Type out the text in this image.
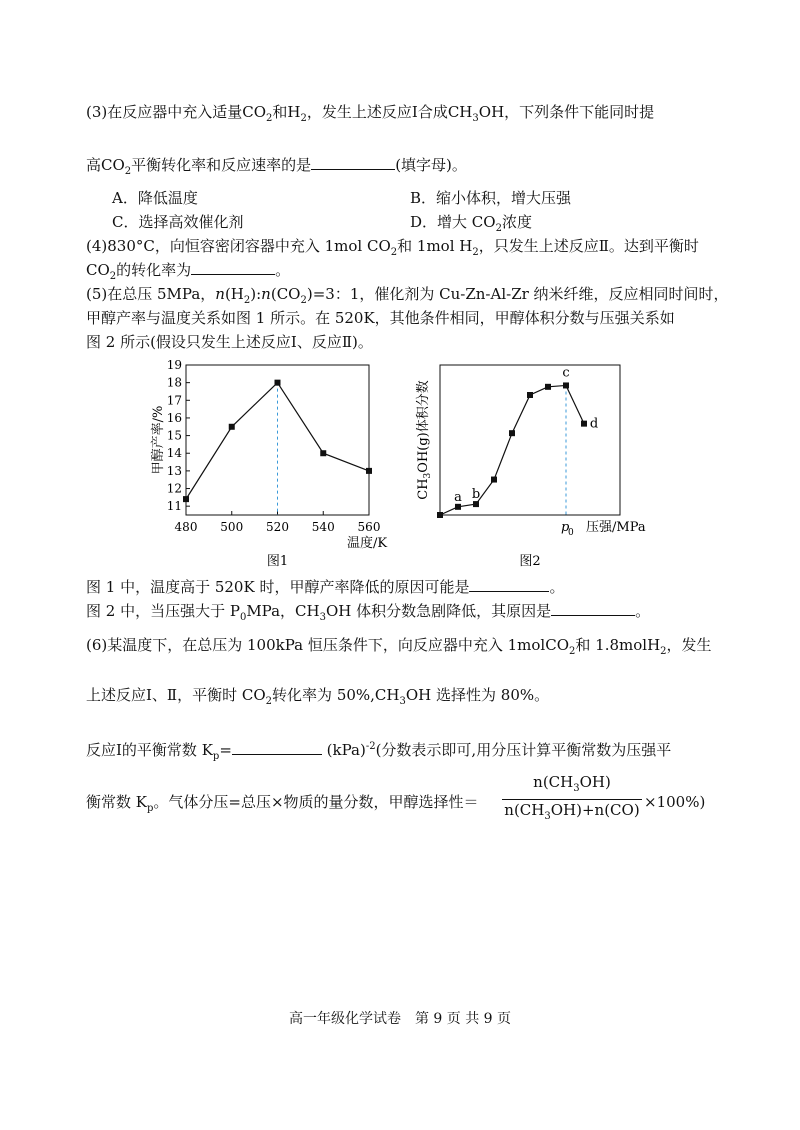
(3)在反应器中充入适量$CO_2$和$H_2$，发生上述反应Ⅰ合成$CH_3OH$，下列条件下能同时提
高$CO_2$平衡转化率和反应速率的是	(填字母)。
A．降低温度	B．缩小体积，增大压强
C．选择高效催化剂	D．增大 $CO_2$浓度
(4)830°C，向恒容密闭容器中充入 1mol $CO_2$和 1mol $H_2$，只发生上述反应Ⅱ。达到平衡时
$CO_2$的转化率为	。
(5)在总压 5MPa，$n(H_2):n(CO_2)=3$：1，催化剂为 Cu-Zn-Al-Zr 纳米纤维，反应相同时间时，
甲醇产率与温度关系如图 1 所示。在 520K，其他条件相同，甲醇体积分数与压强关系如
图 2 所示(假设只发生上述反应Ⅰ、反应Ⅱ)。
480 500 520 540 560
11
12
13
14
15
16
17
18
19
甲醇产率/%
温度/K
图1
a b
c
d
p
0 压强/MPa
$CH_3OH(g)$体积分数
图2
图 1 中，温度高于 520K 时，甲醇产率降低的原因可能是	。
图 2 中，当压强大于 $P_0MPa$，$CH_3OH$ 体积分数急剧降低，其原因是	。
(6)某温度下，在总压为 100kPa 恒压条件下，向反应器中充入 1molCO$_2$和 1.8molH$_2$，发生
上述反应Ⅰ、Ⅱ，平衡时 $CO_2$转化率为 $50\%,CH_3OH$ 选择性为 80%。
反应Ⅰ的平衡常数 $K_p=$	(kPa)$^{-2}$(分数表示即可,用分压计算平衡常数为压强平
衡常数 $K_p$。气体分压=总压×物质的量分数，甲醇选择性＝
$n(CH_3OH)$
$n(CH_3OH)+n(CO) \times 100\%$)
高一年级化学试卷　第 9 页 共 9 页
